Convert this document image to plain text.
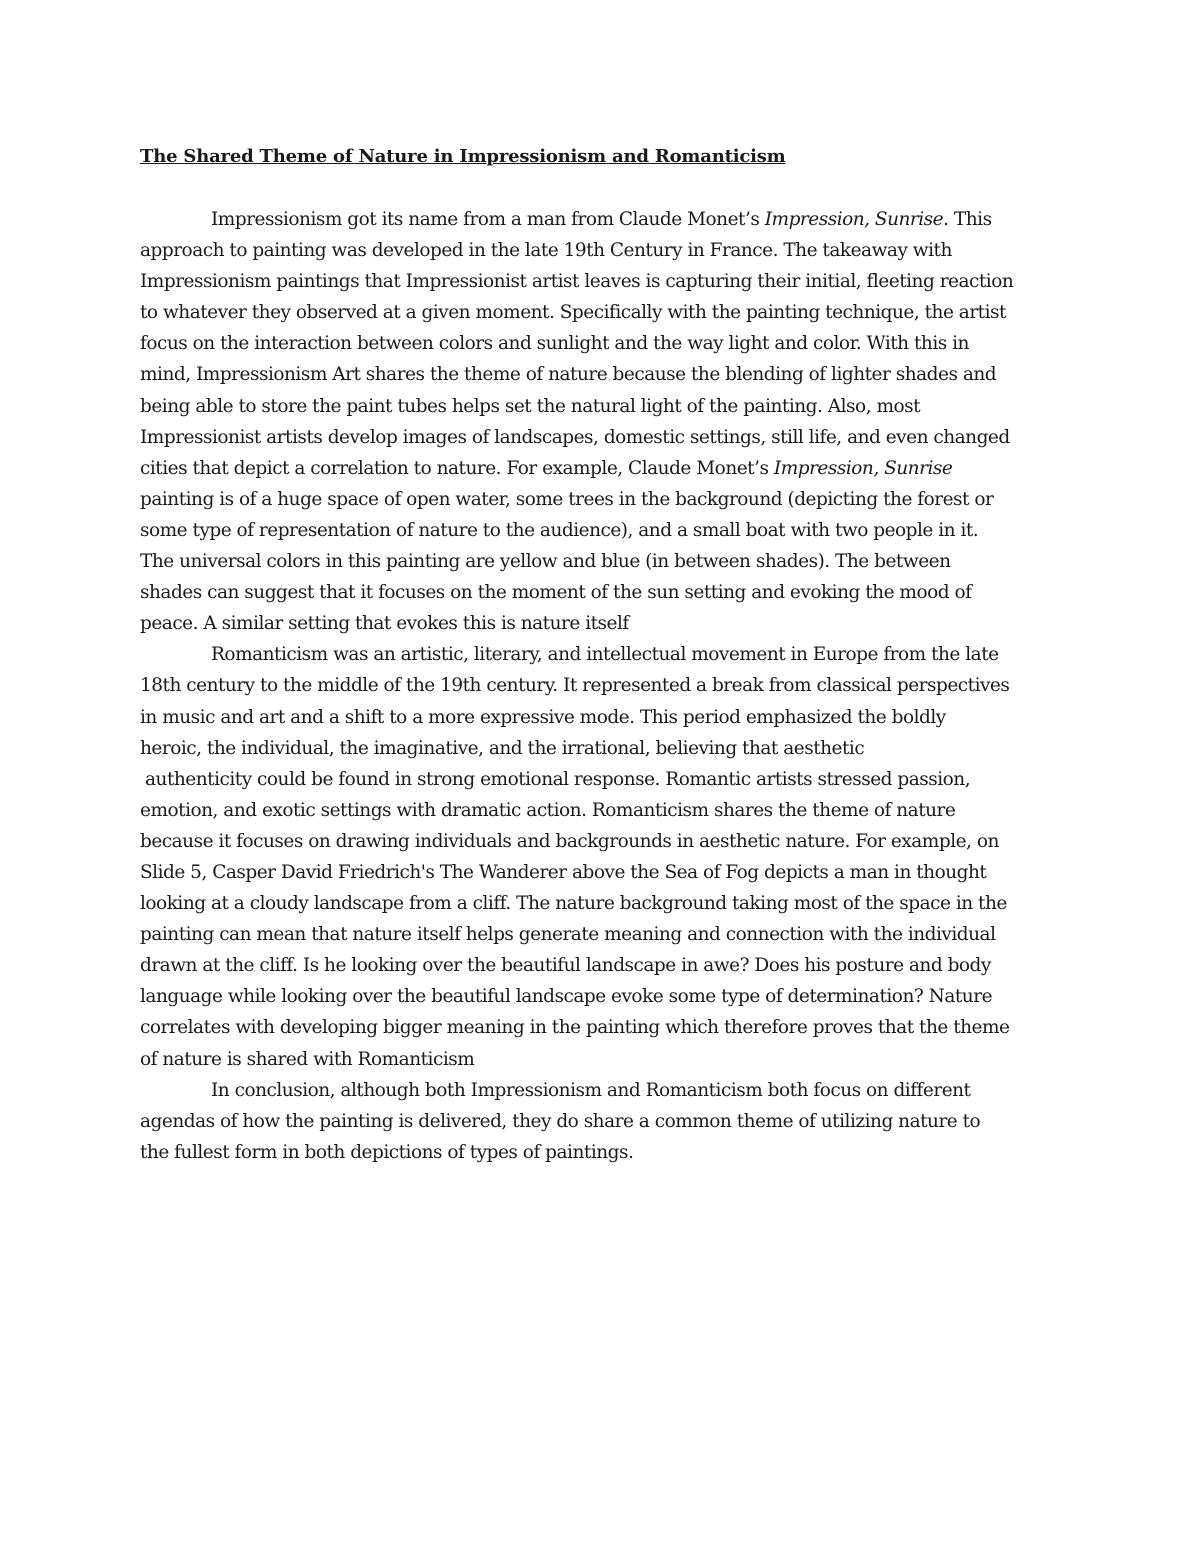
The Shared Theme of Nature in Impressionism and Romanticism
Impressionism got its name from a man from Claude Monet’s Impression, Sunrise. This
approach to painting was developed in the late 19th Century in France. The takeaway with
Impressionism paintings that Impressionist artist leaves is capturing their initial, fleeting reaction
to whatever they observed at a given moment. Specifically with the painting technique, the artist
focus on the interaction between colors and sunlight and the way light and color. With this in
mind, Impressionism Art shares the theme of nature because the blending of lighter shades and
being able to store the paint tubes helps set the natural light of the painting. Also, most
Impressionist artists develop images of landscapes, domestic settings, still life, and even changed
cities that depict a correlation to nature. For example, Claude Monet’s Impression, Sunrise
painting is of a huge space of open water, some trees in the background (depicting the forest or
some type of representation of nature to the audience), and a small boat with two people in it.
The universal colors in this painting are yellow and blue (in between shades). The between
shades can suggest that it focuses on the moment of the sun setting and evoking the mood of
peace. A similar setting that evokes this is nature itself
Romanticism was an artistic, literary, and intellectual movement in Europe from the late
18th century to the middle of the 19th century. It represented a break from classical perspectives
in music and art and a shift to a more expressive mode. This period emphasized the boldly
heroic, the individual, the imaginative, and the irrational, believing that aesthetic
authenticity could be found in strong emotional response. Romantic artists stressed passion,
emotion, and exotic settings with dramatic action. Romanticism shares the theme of nature
because it focuses on drawing individuals and backgrounds in aesthetic nature. For example, on
Slide 5, Casper David Friedrich's The Wanderer above the Sea of Fog depicts a man in thought
looking at a cloudy landscape from a cliff. The nature background taking most of the space in the
painting can mean that nature itself helps generate meaning and connection with the individual
drawn at the cliff. Is he looking over the beautiful landscape in awe? Does his posture and body
language while looking over the beautiful landscape evoke some type of determination? Nature
correlates with developing bigger meaning in the painting which therefore proves that the theme
of nature is shared with Romanticism
In conclusion, although both Impressionism and Romanticism both focus on different
agendas of how the painting is delivered, they do share a common theme of utilizing nature to
the fullest form in both depictions of types of paintings.
